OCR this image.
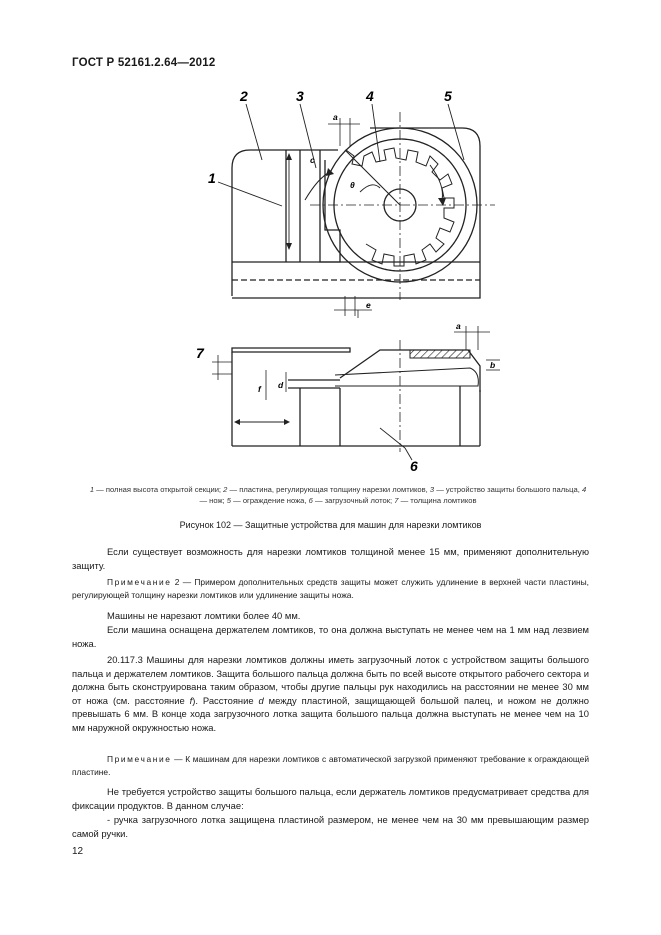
ГОСТ Р 52161.2.64—2012
2	3	4	5
1
7
6
a
c
θ
e
a
b
f d
1 — полная высота открытой секции; 2 — пластина, регулирующая толщину нарезки ломтиков, 3 — устройство защиты большого пальца, 4 — нож; 5 — ограждение ножа, 6 — загрузочный лоток; 7 — толщина ломтиков
Рисунок 102 — Защитные устройства для машин для нарезки ломтиков
Если существует возможность для нарезки ломтиков толщиной менее 15 мм, применяют дополнительную защиту.
Примечание 2 — Примером дополнительных средств защиты может служить удлинение в верхней части пластины, регулирующей толщину нарезки ломтиков или удлинение защиты ножа.
Машины не нарезают ломтики более 40 мм.
Если машина оснащена держателем ломтиков, то она должна выступать не менее чем на 1 мм над лезвием ножа.
20.117.3 Машины для нарезки ломтиков должны иметь загрузочный лоток с устройством защиты большого пальца и держателем ломтиков. Защита большого пальца должна быть по всей высоте открытого рабочего сектора и должна быть сконструирована таким образом, чтобы другие пальцы рук находились на расстоянии не менее 30 мм от ножа (см. расстояние f). Расстояние d между пластиной, защищающей большой палец, и ножом не должно превышать 6 мм. В конце хода загрузочного лотка защита большого пальца должна выступать не менее чем на 10 мм наружной окружностью ножа.
Примечание — К машинам для нарезки ломтиков с автоматической загрузкой применяют требование к ограждающей пластине.
Не требуется устройство защиты большого пальца, если держатель ломтиков предусматривает средства для фиксации продуктов. В данном случае:
- ручка загрузочного лотка защищена пластиной размером, не менее чем на 30 мм превышающим размер самой ручки.
12
